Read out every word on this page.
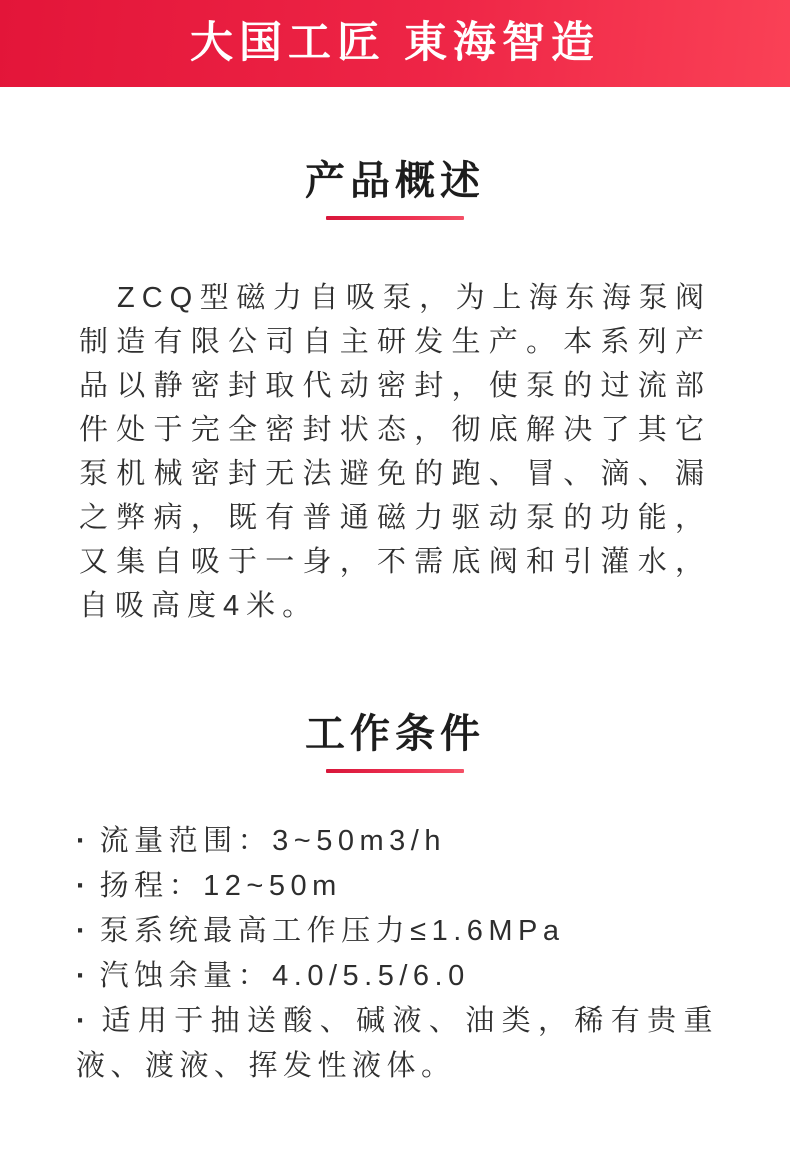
大国工匠 東海智造
产品概述

ZCQ型磁力自吸泵，为上海东海泵阀制造有限公司自主研发生产。本系列产品以静密封取代动密封，使泵的过流部件处于完全密封状态，彻底解决了其它泵机械密封无法避免的跑、冒、滴、漏之弊病，既有普通磁力驱动泵的功能，又集自吸于一身，不需底阀和引灌水，自吸高度4米。

工作条件

· 流量范围：3~50m3/h

· 扬程：12~50m

· 泵系统最高工作压力≤1.6MPa

· 汽蚀余量：4.0/5.5/6.0

· 适用于抽送酸、碱液、油类，稀有贵重液、渡液、挥发性液体。
